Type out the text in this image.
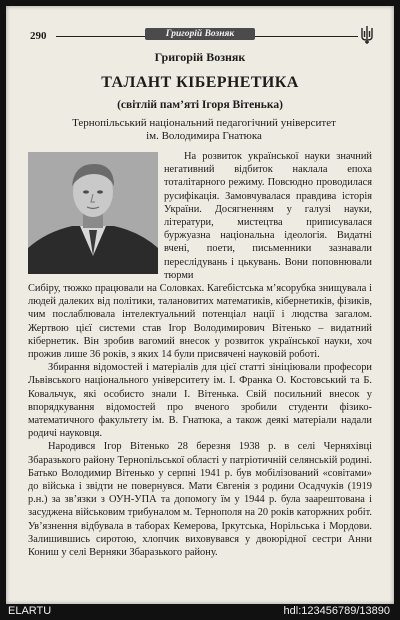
290	Григорій Возняк
Григорій Возняк
ТАЛАНТ КІБЕРНЕТИКА
(світлій пам’яті Ігоря Вітенька)
Тернопільський національний педагогічний університет
ім. Володимира Гнатюка

На розвиток української науки значний негативний відбиток наклала епоха тоталітарного режиму. Повсюдно проводилася русифікація. Замовчувалася правдива історія України. Досягненням у галузі науки, літератури, мистецтва приписувалася буржуазна національна ідеологія. Видатні вчені, поети, письменники зазнавали переслідувань і цькувань. Вони поповнювали тюрми

Сибіру, тюжко працювали на Соловках. Кагебістська м’ясорубка знищувала і людей далеких від політики, талановитих математиків, кібернетиків, фізиків, чим послаблювала інтелектуальний потенціал нації і людства загалом. Жертвою цієї системи став Ігор Володимирович Вітенько – видатний кібернетик. Він зробив вагомий внесок у розвиток української науки, хоч прожив лише 36 років, з яких 14 були присвячені науковій роботі.

Збирання відомостей і матеріалів для цієї статті зініціювали професори Львівського національного університету ім. І. Франка О. Костовський та Б. Ковальчук, які особисто знали І. Вітенька. Свій посильний внесок у впорядкування відомостей про вченого зробили студенти фізико-математичного факультету ім. В. Гнатюка, а також деякі матеріали надали родичі науковця.

Народився Ігор Вітенько 28 березня 1938 р. в селі Черняхівці Збаразького району Тернопільської області у патріотичній селянській родині. Батько Володимир Вітенько у серпні 1941 р. був мобілізований «совітами» до війська і звідти не повернувся. Мати Євгенія з родини Осадчуків (1919 р.н.) за зв’язки з ОУН-УПА та допомогу їм у 1944 р. була заарештована і засуджена військовим трибуналом м. Тернополя на 20 років каторжних робіт. Ув’язнення відбувала в таборах Кемерова, Іркутська, Норільська і Мордови. Залишившись сиротою, хлопчик виховувався у двоюрідної сестри Анни Кониш у селі Верняки Збаразького району.

ELARTU	hdl:123456789/13890
